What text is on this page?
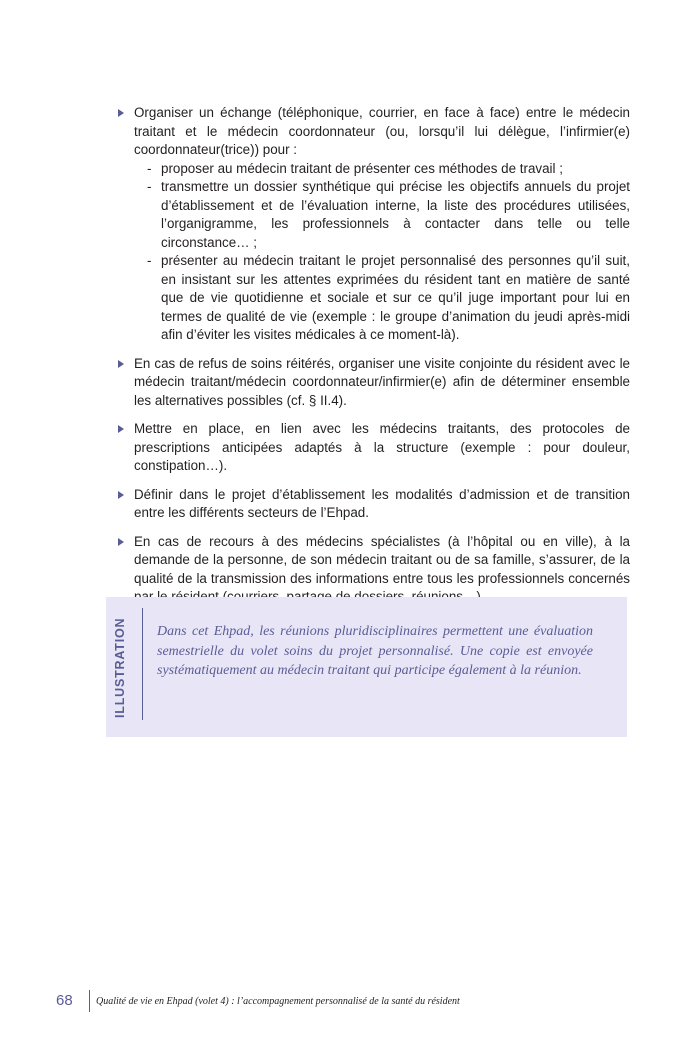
Organiser un échange (téléphonique, courrier, en face à face) entre le médecin traitant et le médecin coordonnateur (ou, lorsqu’il lui délègue, l’infirmier(e) coordonnateur(trice)) pour :
- proposer au médecin traitant de présenter ces méthodes de travail ;
- transmettre un dossier synthétique qui précise les objectifs annuels du projet d’établissement et de l’évaluation interne, la liste des procédures utilisées, l’organigramme, les professionnels à contacter dans telle ou telle circonstance… ;
- présenter au médecin traitant le projet personnalisé des personnes qu’il suit, en insistant sur les attentes exprimées du résident tant en matière de santé que de vie quotidienne et sociale et sur ce qu’il juge important pour lui en termes de qualité de vie (exemple : le groupe d’animation du jeudi après-midi afin d’éviter les visites médicales à ce moment-là).
En cas de refus de soins réitérés, organiser une visite conjointe du résident avec le médecin traitant/médecin coordonnateur/infirmier(e) afin de déterminer ensemble les alternatives possibles (cf. § II.4).
Mettre en place, en lien avec les médecins traitants, des protocoles de prescriptions anticipées adaptés à la structure (exemple : pour douleur, constipation…).
Définir dans le projet d’établissement les modalités d’admission et de transition entre les différents secteurs de l’Ehpad.
En cas de recours à des médecins spécialistes (à l’hôpital ou en ville), à la demande de la personne, de son médecin traitant ou de sa famille, s’assurer, de la qualité de la transmission des informations entre tous les professionnels concernés
ILLUSTRATION Dans cet Ehpad, les réunions pluridisciplinaires permettent une évaluation semestrielle du volet soins du projet personnalisé. Une copie est envoyée systématiquement au médecin traitant qui participe également à la réunion.
68 Qualité de vie en Ehpad (volet 4) : l’accompagnement personnalisé de la santé du résident
